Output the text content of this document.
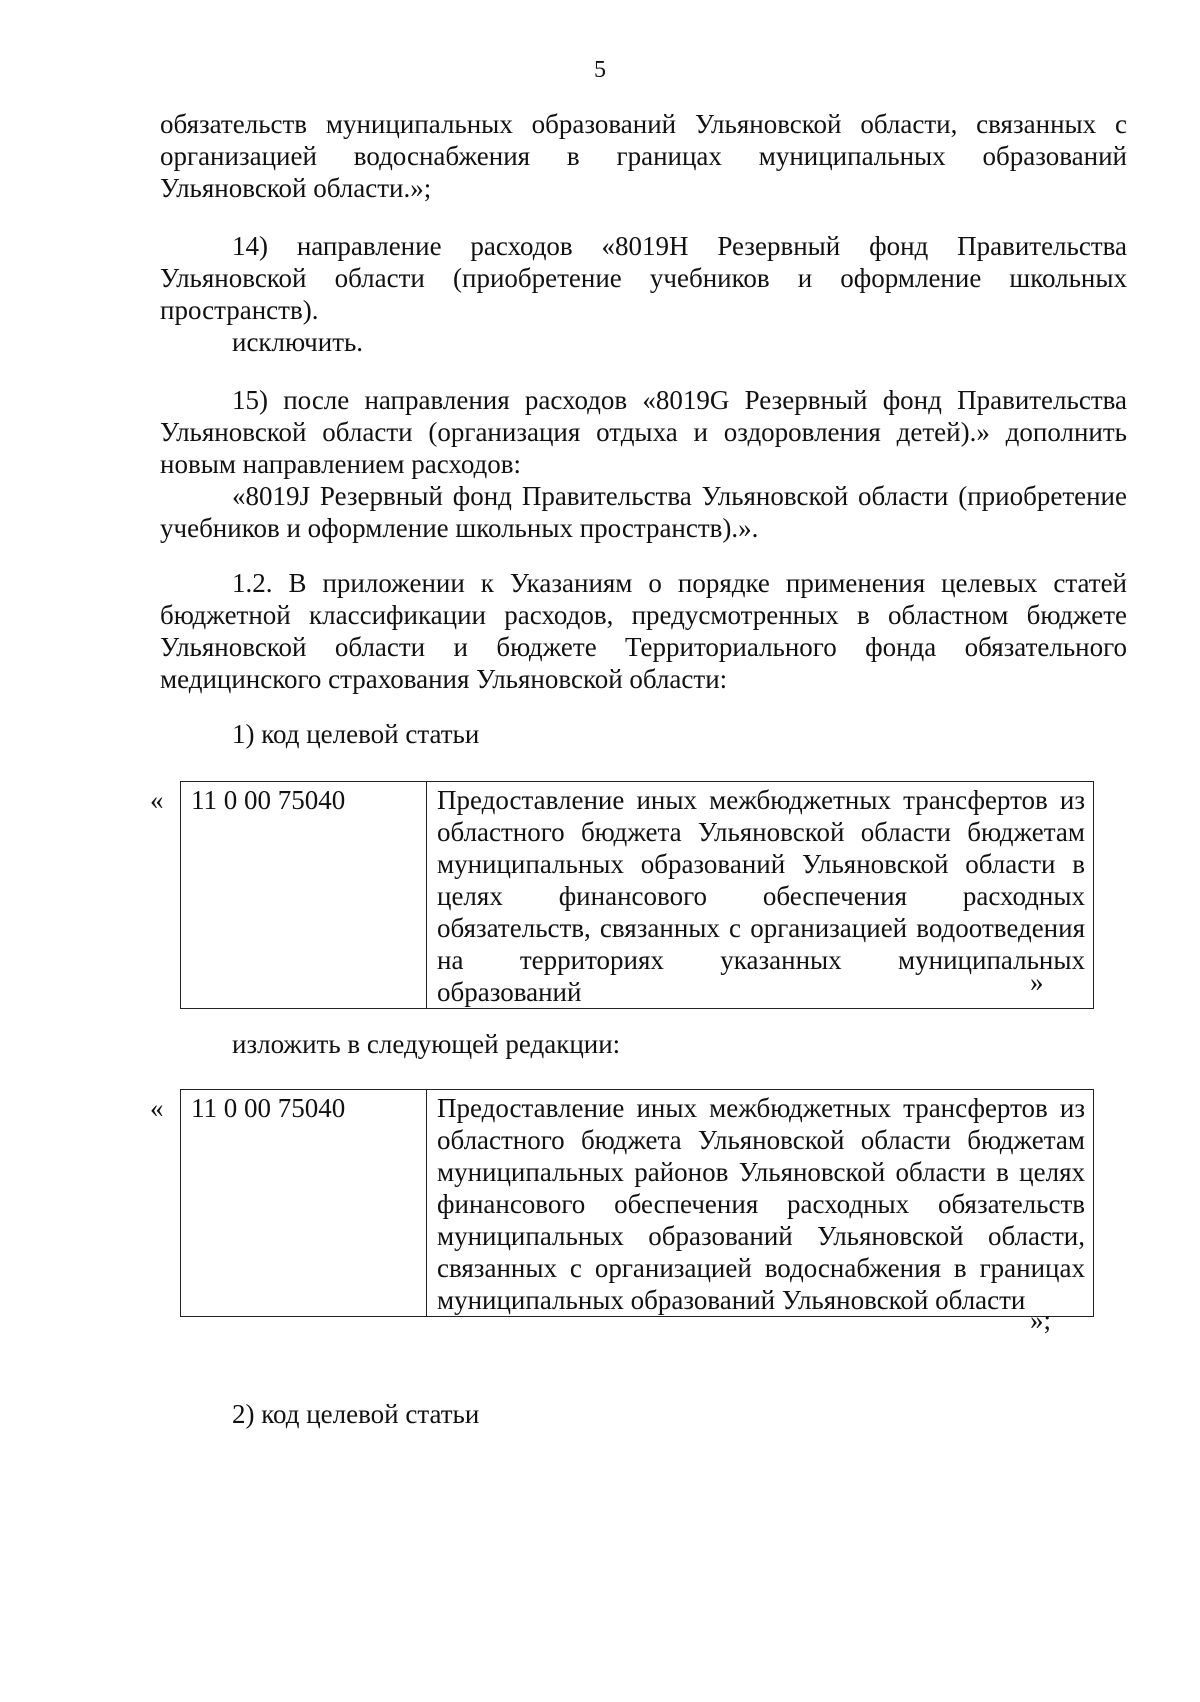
5

обязательств муниципальных образований Ульяновской области, связанных с организацией водоснабжения в границах муниципальных образований Ульяновской области.»;

14) направление расходов «8019H Резервный фонд Правительства Ульяновской области (приобретение учебников и оформление школьных пространств).

исключить.

15) после направления расходов «8019G Резервный фонд Правительства Ульяновской области (организация отдыха и оздоровления детей).» дополнить новым направлением расходов:

«8019J Резервный фонд Правительства Ульяновской области (приобретение учебников и оформление школьных пространств).».

1.2. В приложении к Указаниям о порядке применения целевых статей бюджетной классификации расходов, предусмотренных в областном бюджете Ульяновской области и бюджете Территориального фонда обязательного медицинского страхования Ульяновской области:

1) код целевой статьи

« 11 0 00 75040	Предоставление иных межбюджетных трансфертов из областного бюджета Ульяновской области бюджетам муниципальных образований Ульяновской области в целях финансового обеспечения расходных обязательств, связанных с организацией водоотведения на территориях указанных муниципальных образований	»

изложить в следующей редакции:

« 11 0 00 75040	Предоставление иных межбюджетных трансфертов из областного бюджета Ульяновской области бюджетам муниципальных районов Ульяновской области в целях финансового обеспечения расходных обязательств муниципальных образований Ульяновской области, связанных с организацией водоснабжения в границах муниципальных образований Ульяновской области
»;

2) код целевой статьи
